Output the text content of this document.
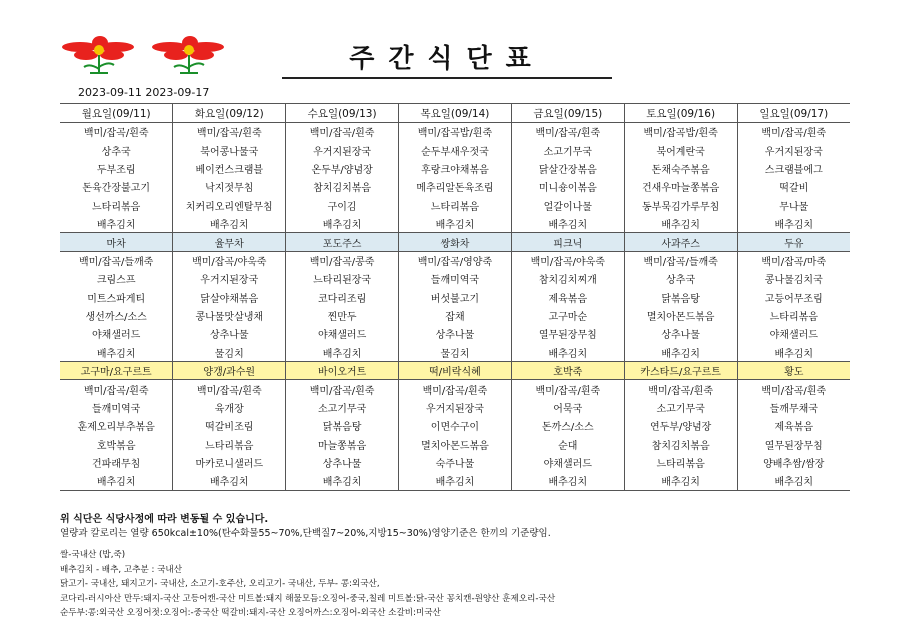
주간식단표
2023-09-11 2023-09-17
월요일(09/11)	화요일(09/12)	수요일(09/13)	목요일(09/14)	금요일(09/15)	토요일(09/16)	일요일(09/17)
백미/잡곡/흰죽	백미/잡곡/흰죽	백미/잡곡/흰죽	백미/잡곡밥/흰죽	백미/잡곡/흰죽	백미/잡곡밥/흰죽	백미/잡곡/흰죽
상추국	북어콩나물국	우거지된장국	순두부새우젓국	소고기무국	북어계란국	우거지된장국
두부조림	베이컨스크램블	온두부/양념장	후랑크야채볶음	닭살간장볶음	돈채숙주볶음	스크램블에그
돈육간장불고기	낙지젓무침	참치김치볶음	메추리알돈육조림	미니숑이볶음	건새우마늘쫑볶음	떡갈비
느타리볶음	치커리오리엔탈무침	구이김	느타리볶음	얼갈이나물	동부묵김가루무침	무나물
배추김치	배추김치	배추김치	배추김치	배추김치	배추김치	배추김치
마차	율무차	포도주스	쌍화차	피크닉	사과주스	두유
백미/잡곡/들깨죽	백미/잡곡/야욱죽	백미/잡곡/콩죽	백미/잡곡/영양죽	백미/잡곡/야욱죽	백미/잡곡/들깨죽	백미/잡곡/마죽
크림스프	우거지된장국	느타리된장국	들깨미역국	참치김치찌개	상추국	콩나물김치국
미트스파게티	닭살야채볶음	코다리조림	버섯불고기	제육볶음	닭볶음탕	고등어무조림
생선까스/소스	콩나물맛살냉채	찐만두	잡채	고구마순	멸치아몬드볶음	느타리볶음
야채샐러드	상추나물	야채샐러드	상추나물	열무된장무침	상추나물	야채샐러드
배추김치	물김치	배추김치	물김치	배추김치	배추김치	배추김치
고구마/요구르트	양갱/과수원	바이오거트	떡/비락식혜	호박죽	카스타드/요구르트	황도
백미/잡곡/흰죽	백미/잡곡/흰죽	백미/잡곡/흰죽	백미/잡곡/흰죽	백미/잡곡/흰죽	백미/잡곡/흰죽	백미/잡곡/흰죽
들깨미역국	육개장	소고기무국	우거지된장국	어묵국	소고기무국	들깨무채국
훈제오리부추볶음	떡갈비조림	닭볶음탕	이면수구이	돈까스/소스	연두부/양념장	제육볶음
호박볶음	느타리볶음	마늘쫑볶음	멸치아몬드볶음	순대	참치김치볶음	열무된장무침
건파래무침	마카로니샐러드	상추나물	숙주나물	야채샐러드	느타리볶음	양배추쌈/쌈장
배추김치	배추김치	배추김치	배추김치	배추김치	배추김치	배추김치
위 식단은 식당사정에 따라 변동될 수 있습니다.
열량과 칼로리는 열량 650kcal±10%(탄수화물55~70%,단백질7~20%,지방15~30%)영양기준은 한끼의 기준량임.
쌀-국내산 (밥,죽)
배추김치 - 배추, 고추분 : 국내산
닭고기- 국내산, 돼지고기- 국내산, 소고기-호주산, 오리고기- 국내산, 두부- 콩:외국산,
코다리-러시아산 만두:돼지-국산 고등어캔-국산 미트볼:돼지 해물모듬:오징어-중국,칠레 미트볼:닭-국산 꽁치캔-원양산 훈제오리-국산
순두부:콩:외국산 오징어젓:오징어:-중국산 떡갈비:돼지-국산 오징어까스:오징어-외국산 소갈비:미국산
